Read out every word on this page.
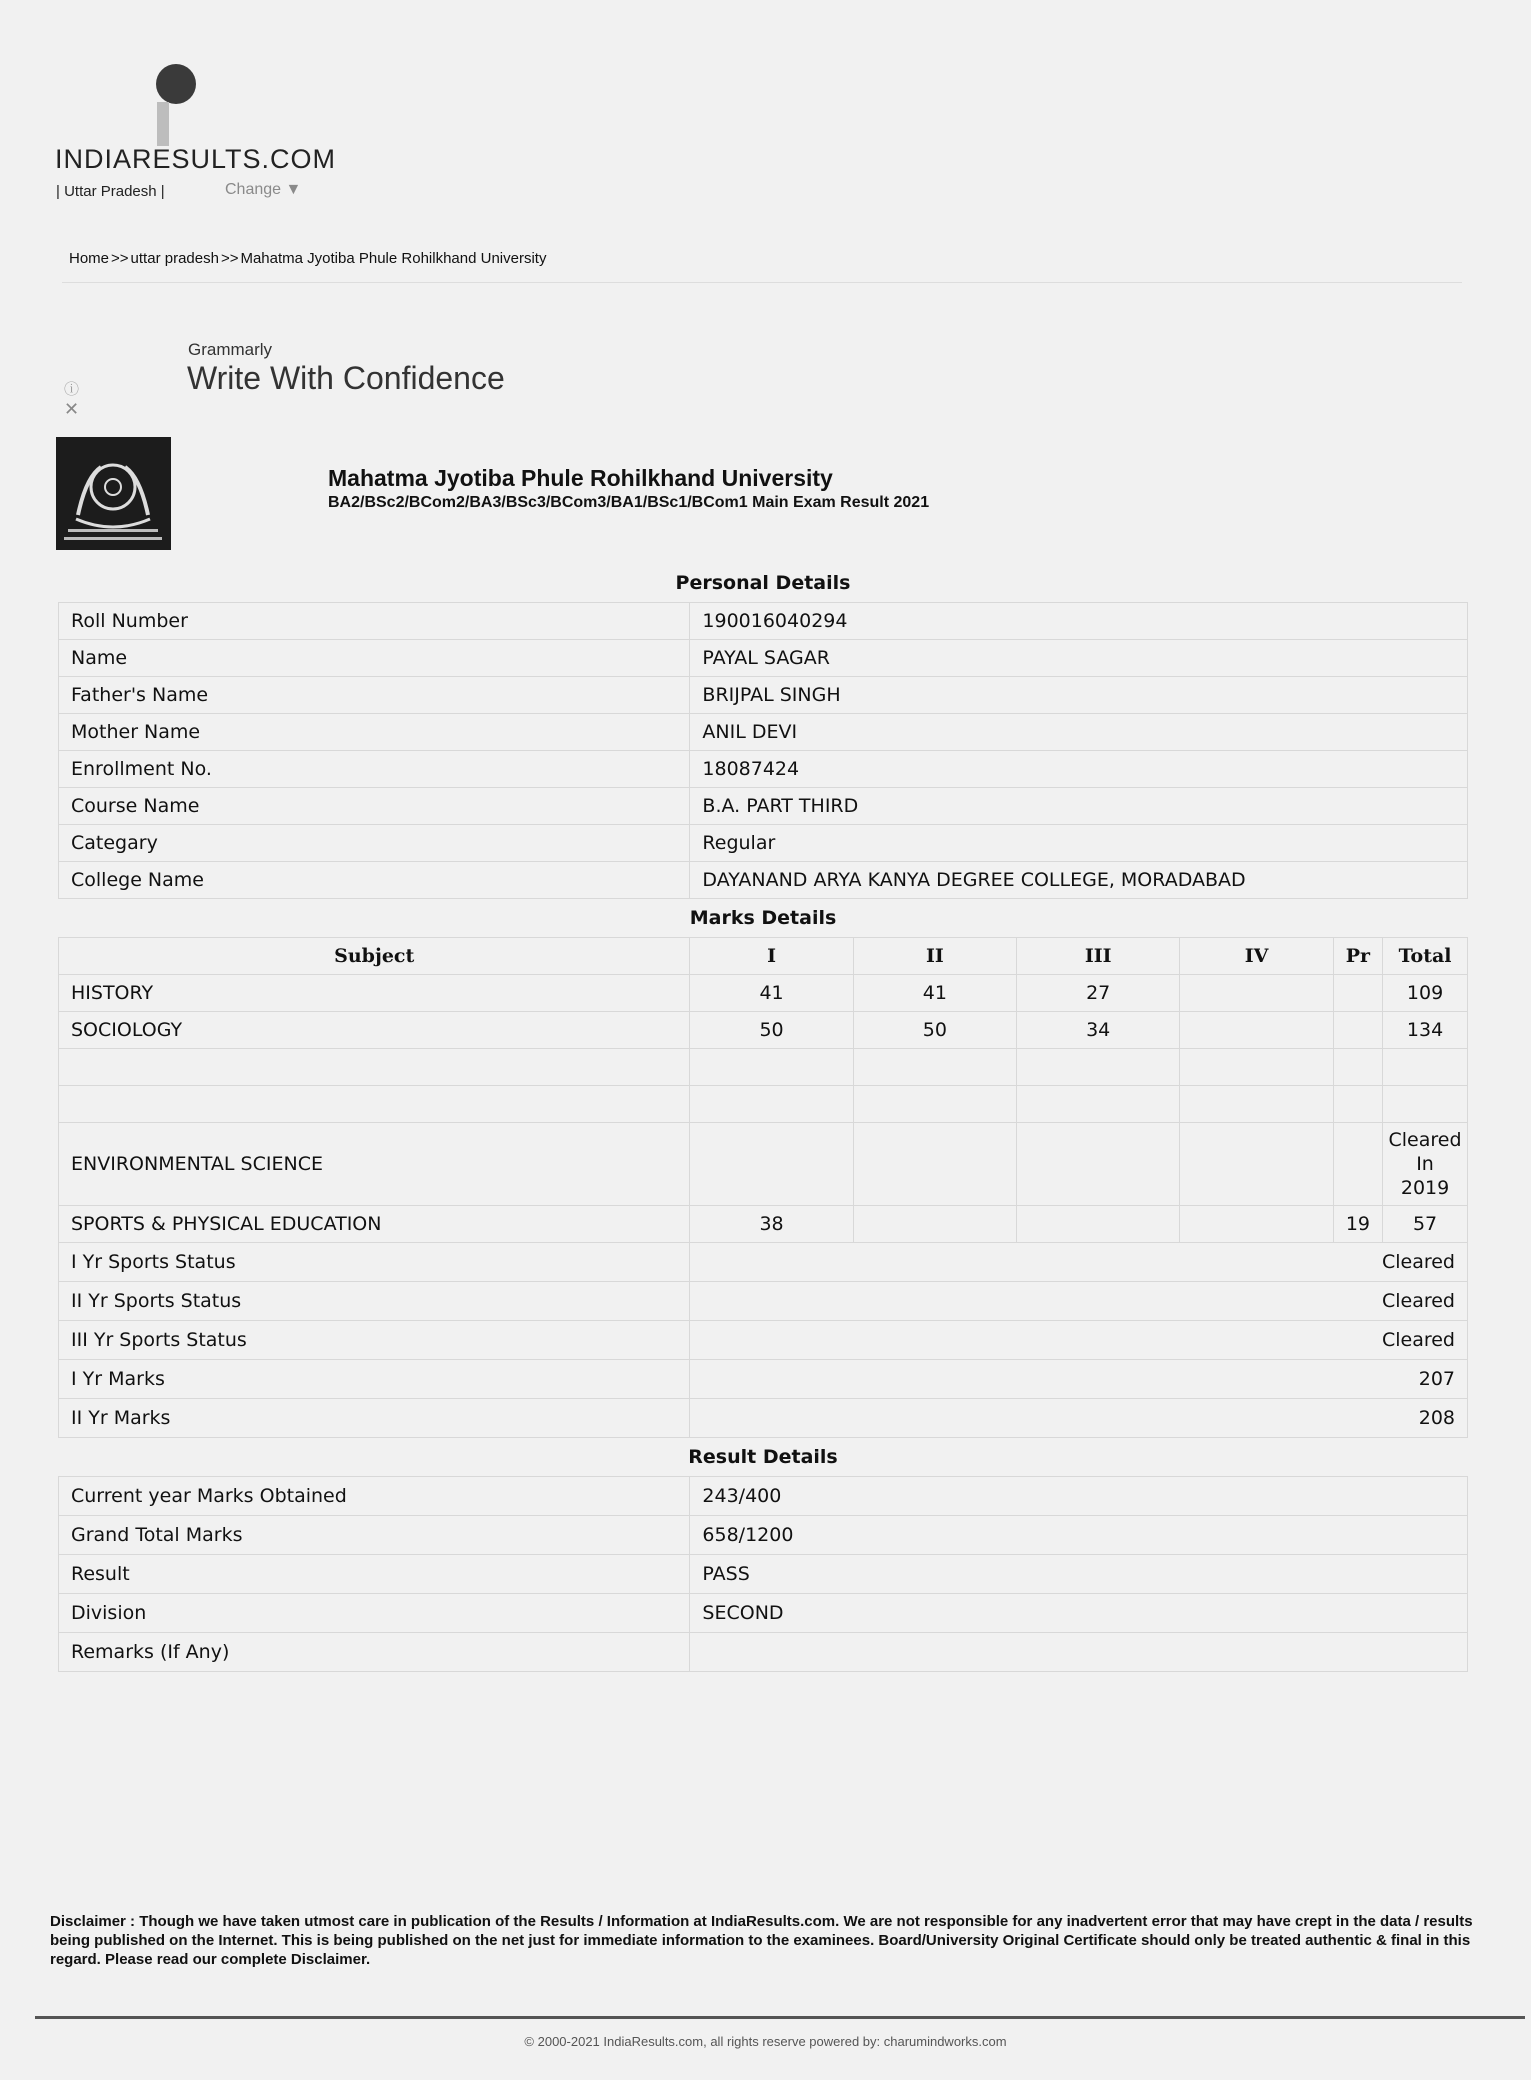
INDIARESULTS.COM
| Uttar Pradesh |	Change ▼
Home >> uttar pradesh >> Mahatma Jyotiba Phule Rohilkhand University
ⓘ
✕
Grammarly
Write With Confidence
Mahatma Jyotiba Phule Rohilkhand University
BA2/BSc2/BCom2/BA3/BSc3/BCom3/BA1/BSc1/BCom1 Main Exam Result 2021
Personal Details						
Roll Number	190016040294					
Name	PAYAL SAGAR					
Father's Name	BRIJPAL SINGH					
Mother Name	ANIL DEVI					
Enrollment No.	18087424					
Course Name	B.A. PART THIRD					
Categary	Regular					
College Name	DAYANAND ARYA KANYA DEGREE COLLEGE, MORADABAD					
Marks Details						
Subject	I	II	III	IV	Pr	Total
HISTORY	41	41	27			109
SOCIOLOGY	50	50	34			134

ENVIRONMENTAL SCIENCE						Cleared
In
2019
SPORTS & PHYSICAL EDUCATION	38				19	57
I Yr Sports Status	Cleared					
II Yr Sports Status	Cleared					
III Yr Sports Status	Cleared					
I Yr Marks	207					
II Yr Marks	208					
Result Details						
Current year Marks Obtained	243/400					
Grand Total Marks	658/1200					
Result	PASS					
Division	SECOND					
Remarks (If Any)						
Disclaimer : Though we have taken utmost care in publication of the Results / Information at IndiaResults.com. We are not responsible for any inadvertent error that may have crept in the data / results being published on the Internet. This is being published on the net just for immediate information to the examinees. Board/University Original Certificate should only be treated authentic & final in this regard. Please read our complete Disclaimer.
© 2000-2021 IndiaResults.com, all rights reserve powered by: charumindworks.com
